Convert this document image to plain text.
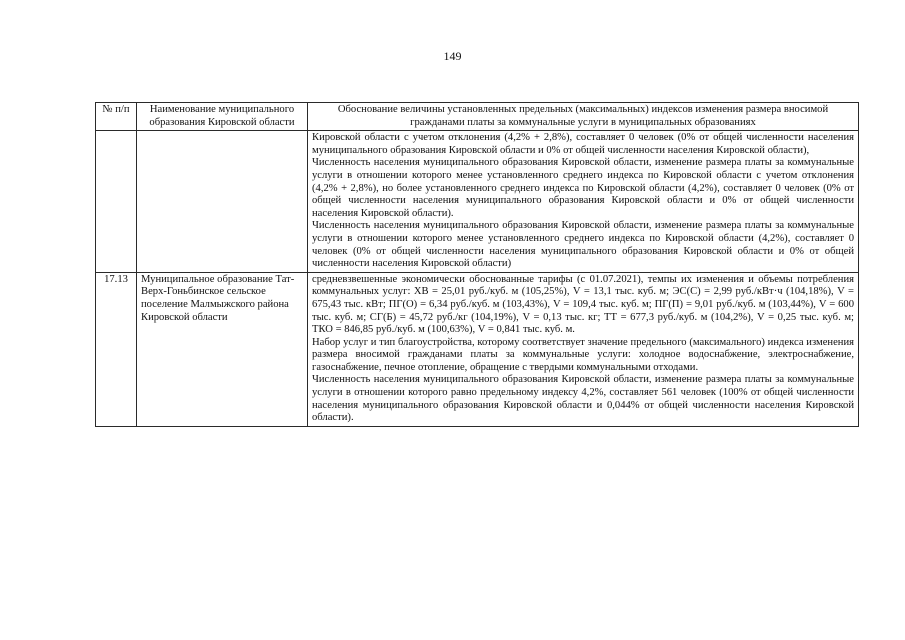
149
№ п/п	Наименование муниципального образования Кировской области	Обоснование величины установленных предельных (максимальных) индексов изменения размера вносимой гражданами платы за коммунальные услуги в муниципальных образованиях

		Кировской области с учетом отклонения (4,2% + 2,8%), составляет 0 человек (0% от общей численности населения муниципального образования Кировской области и 0% от общей численности населения Кировской области),

Численность населения муниципального образования Кировской области, изменение размера платы за коммунальные услуги в отношении которого менее установленного среднего индекса по Кировской области с учетом отклонения (4,2% + 2,8%), но более установленного среднего индекса по Кировской области (4,2%), составляет 0 человек (0% от общей численности населения муниципального образования Кировской области и 0% от общей численности населения Кировской области).

Численность населения муниципального образования Кировской области, изменение размера платы за коммунальные услуги в отношении которого менее установленного среднего индекса по Кировской области (4,2%), составляет 0 человек (0% от общей численности населения муниципального образования Кировской области и 0% от общей численности населения Кировской области)

17.13	Муниципальное образование Тат-Верх-Гоньбинское сельское поселение Малмыжского района Кировской области	средневзвешенные экономически обоснованные тарифы (с 01.07.2021), темпы их изменения и объемы потребления коммунальных услуг: ХВ = 25,01 руб./куб. м (105,25%), V = 13,1 тыс. куб. м; ЭС(С) = 2,99 руб./кВт·ч (104,18%), V = 675,43 тыс. кВт; ПГ(О) = 6,34 руб./куб. м (103,43%), V = 109,4 тыс. куб. м; ПГ(П) = 9,01 руб./куб. м (103,44%), V = 600 тыс. куб. м; СГ(Б) = 45,72 руб./кг (104,19%), V = 0,13 тыс. кг; ТТ = 677,3 руб./куб. м (104,2%), V = 0,25 тыс. куб. м; ТКО = 846,85 руб./куб. м (100,63%), V = 0,841 тыс. куб. м.

Набор услуг и тип благоустройства, которому соответствует значение предельного (максимального) индекса изменения размера вносимой гражданами платы за коммунальные услуги: холодное водоснабжение, электроснабжение, газоснабжение, печное отопление, обращение с твердыми коммунальными отходами.

Численность населения муниципального образования Кировской области, изменение размера платы за коммунальные услуги в отношении которого равно предельному индексу 4,2%, составляет 561 человек (100% от общей численности населения муниципального образования Кировской области и 0,044% от общей численности населения Кировской области).
